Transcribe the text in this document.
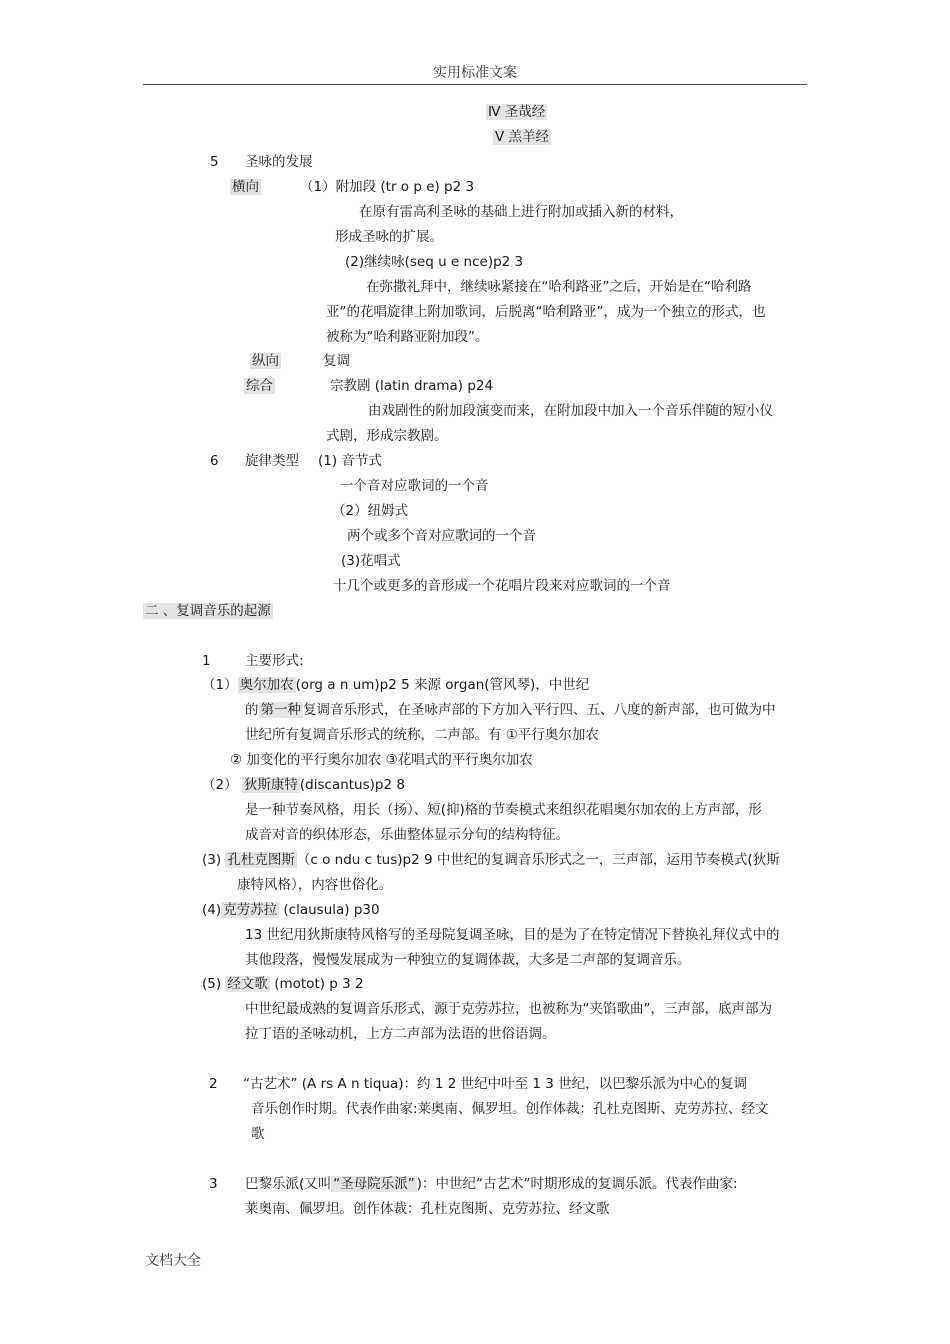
实用标准文案
Ⅳ 圣哉经
Ⅴ 羔羊经
5 圣咏的发展
横向	（1）附加段 (tr o p e) p2 3
在原有雷高利圣咏的基础上进行附加或插入新的材料，
形成圣咏的扩展。
(2)继续咏(seq u e nce)p2 3
在弥撒礼拜中，继续咏紧接在“哈利路亚”之后，开始是在“哈利路
亚”的花唱旋律上附加歌词，后脱离“哈利路亚”，成为一个独立的形式，也
被称为“哈利路亚附加段”。
纵向	复调
综合	宗教剧 (latin drama) p24
由戏剧性的附加段演变而来，在附加段中加入一个音乐伴随的短小仪
式剧，形成宗教剧。
6 旋律类型 (1) 音节式
一个音对应歌词的一个音
（2）纽姆式
两个或多个音对应歌词的一个音
(3)花唱式
十几个或更多的音形成一个花唱片段来对应歌词的一个音
二 、复调音乐的起源
1	主要形式:
（1） 奥尔加农 (org a n um)p2 5 来源 organ(管风琴)，中世纪
的 第一种 复调音乐形式，在圣咏声部的下方加入平行四、五、八度的新声部，也可做为中
世纪所有复调音乐形式的统称，二声部。有 ①平行奥尔加农
② 加变化的平行奥尔加农 ③花唱式的平行奥尔加农
（2） 狄斯康特 (discantus)p2 8
是一种节奏风格，用长（扬）、短(抑)格的节奏模式来组织花唱奥尔加农的上方声部，形
成音对音的织体形态，乐曲整体显示分句的结构特征。
(3) 孔杜克图斯 （c o ndu c tus)p2 9 中世纪的复调音乐形式之一，三声部，运用节奏模式(狄斯
康特风格），内容世俗化。
(4) 克劳苏拉 (clausula) p30
13 世纪用狄斯康特风格写的圣母院复调圣咏，目的是为了在特定情况下替换礼拜仪式中的
其他段落，慢慢发展成为一种独立的复调体裁，大多是二声部的复调音乐。
(5) 经文歌 (motot) p 3 2
中世纪最成熟的复调音乐形式，源于克劳苏拉，也被称为“夹馅歌曲”，三声部，底声部为
拉丁语的圣咏动机，上方二声部为法语的世俗语调。
2 “古艺术” (A rs A n tiqua)：约 1 2 世纪中叶至 1 3 世纪，以巴黎乐派为中心的复调
音乐创作时期。代表作曲家:莱奥南、佩罗坦。创作体裁：孔杜克图斯、克劳苏拉、经文
歌
3 巴黎乐派(又叫 “圣母院乐派” )：中世纪“古艺术”时期形成的复调乐派。代表作曲家:
莱奥南、佩罗坦。创作体裁：孔杜克图斯、克劳苏拉、经文歌
文档大全
